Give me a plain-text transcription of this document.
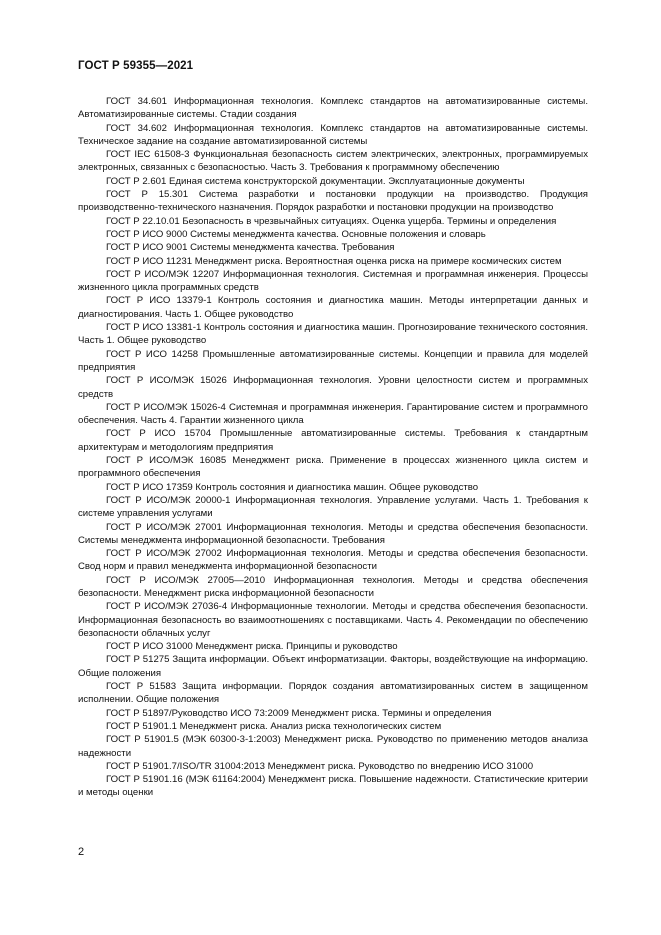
ГОСТ Р 59355—2021

ГОСТ 34.601 Информационная технология. Комплекс стандартов на автоматизированные системы. Автоматизированные системы. Стадии создания

ГОСТ 34.602 Информационная технология. Комплекс стандартов на автоматизированные системы. Техническое задание на создание автоматизированной системы

ГОСТ IEC 61508-3 Функциональная безопасность систем электрических, электронных, программируемых электронных, связанных с безопасностью. Часть 3. Требования к программному обеспечению

ГОСТ Р 2.601 Единая система конструкторской документации. Эксплуатационные документы

ГОСТ Р 15.301 Система разработки и постановки продукции на производство. Продукция производственно-технического назначения. Порядок разработки и постановки продукции на производство

ГОСТ Р 22.10.01 Безопасность в чрезвычайных ситуациях. Оценка ущерба. Термины и определения

ГОСТ Р ИСО 9000 Системы менеджмента качества. Основные положения и словарь

ГОСТ Р ИСО 9001 Системы менеджмента качества. Требования

ГОСТ Р ИСО 11231 Менеджмент риска. Вероятностная оценка риска на примере космических систем

ГОСТ Р ИСО/МЭК 12207 Информационная технология. Системная и программная инженерия. Процессы жизненного цикла программных средств

ГОСТ Р ИСО 13379-1 Контроль состояния и диагностика машин. Методы интерпретации данных и диагностирования. Часть 1. Общее руководство

ГОСТ Р ИСО 13381-1 Контроль состояния и диагностика машин. Прогнозирование технического состояния. Часть 1. Общее руководство

ГОСТ Р ИСО 14258 Промышленные автоматизированные системы. Концепции и правила для моделей предприятия

ГОСТ Р ИСО/МЭК 15026 Информационная технология. Уровни целостности систем и программных средств

ГОСТ Р ИСО/МЭК 15026-4 Системная и программная инженерия. Гарантирование систем и программного обеспечения. Часть 4. Гарантии жизненного цикла

ГОСТ Р ИСО 15704 Промышленные автоматизированные системы. Требования к стандартным архитектурам и методологиям предприятия

ГОСТ Р ИСО/МЭК 16085 Менеджмент риска. Применение в процессах жизненного цикла систем и программного обеспечения

ГОСТ Р ИСО 17359 Контроль состояния и диагностика машин. Общее руководство

ГОСТ Р ИСО/МЭК 20000-1 Информационная технология. Управление услугами. Часть 1. Требования к системе управления услугами

ГОСТ Р ИСО/МЭК 27001 Информационная технология. Методы и средства обеспечения безопасности. Системы менеджмента информационной безопасности. Требования

ГОСТ Р ИСО/МЭК 27002 Информационная технология. Методы и средства обеспечения безопасности. Свод норм и правил менеджмента информационной безопасности

ГОСТ Р ИСО/МЭК 27005—2010 Информационная технология. Методы и средства обеспечения безопасности. Менеджмент риска информационной безопасности

ГОСТ Р ИСО/МЭК 27036-4 Информационные технологии. Методы и средства обеспечения безопасности. Информационная безопасность во взаимоотношениях с поставщиками. Часть 4. Рекомендации по обеспечению безопасности облачных услуг

ГОСТ Р ИСО 31000 Менеджмент риска. Принципы и руководство

ГОСТ Р 51275 Защита информации. Объект информатизации. Факторы, воздействующие на информацию. Общие положения

ГОСТ Р 51583 Защита информации. Порядок создания автоматизированных систем в защищенном исполнении. Общие положения

ГОСТ Р 51897/Руководство ИСО 73:2009 Менеджмент риска. Термины и определения

ГОСТ Р 51901.1 Менеджмент риска. Анализ риска технологических систем

ГОСТ Р 51901.5 (МЭК 60300-3-1:2003) Менеджмент риска. Руководство по применению методов анализа надежности

ГОСТ Р 51901.7/ISO/TR 31004:2013 Менеджмент риска. Руководство по внедрению ИСО 31000

ГОСТ Р 51901.16 (МЭК 61164:2004) Менеджмент риска. Повышение надежности. Статистические критерии и методы оценки

2
